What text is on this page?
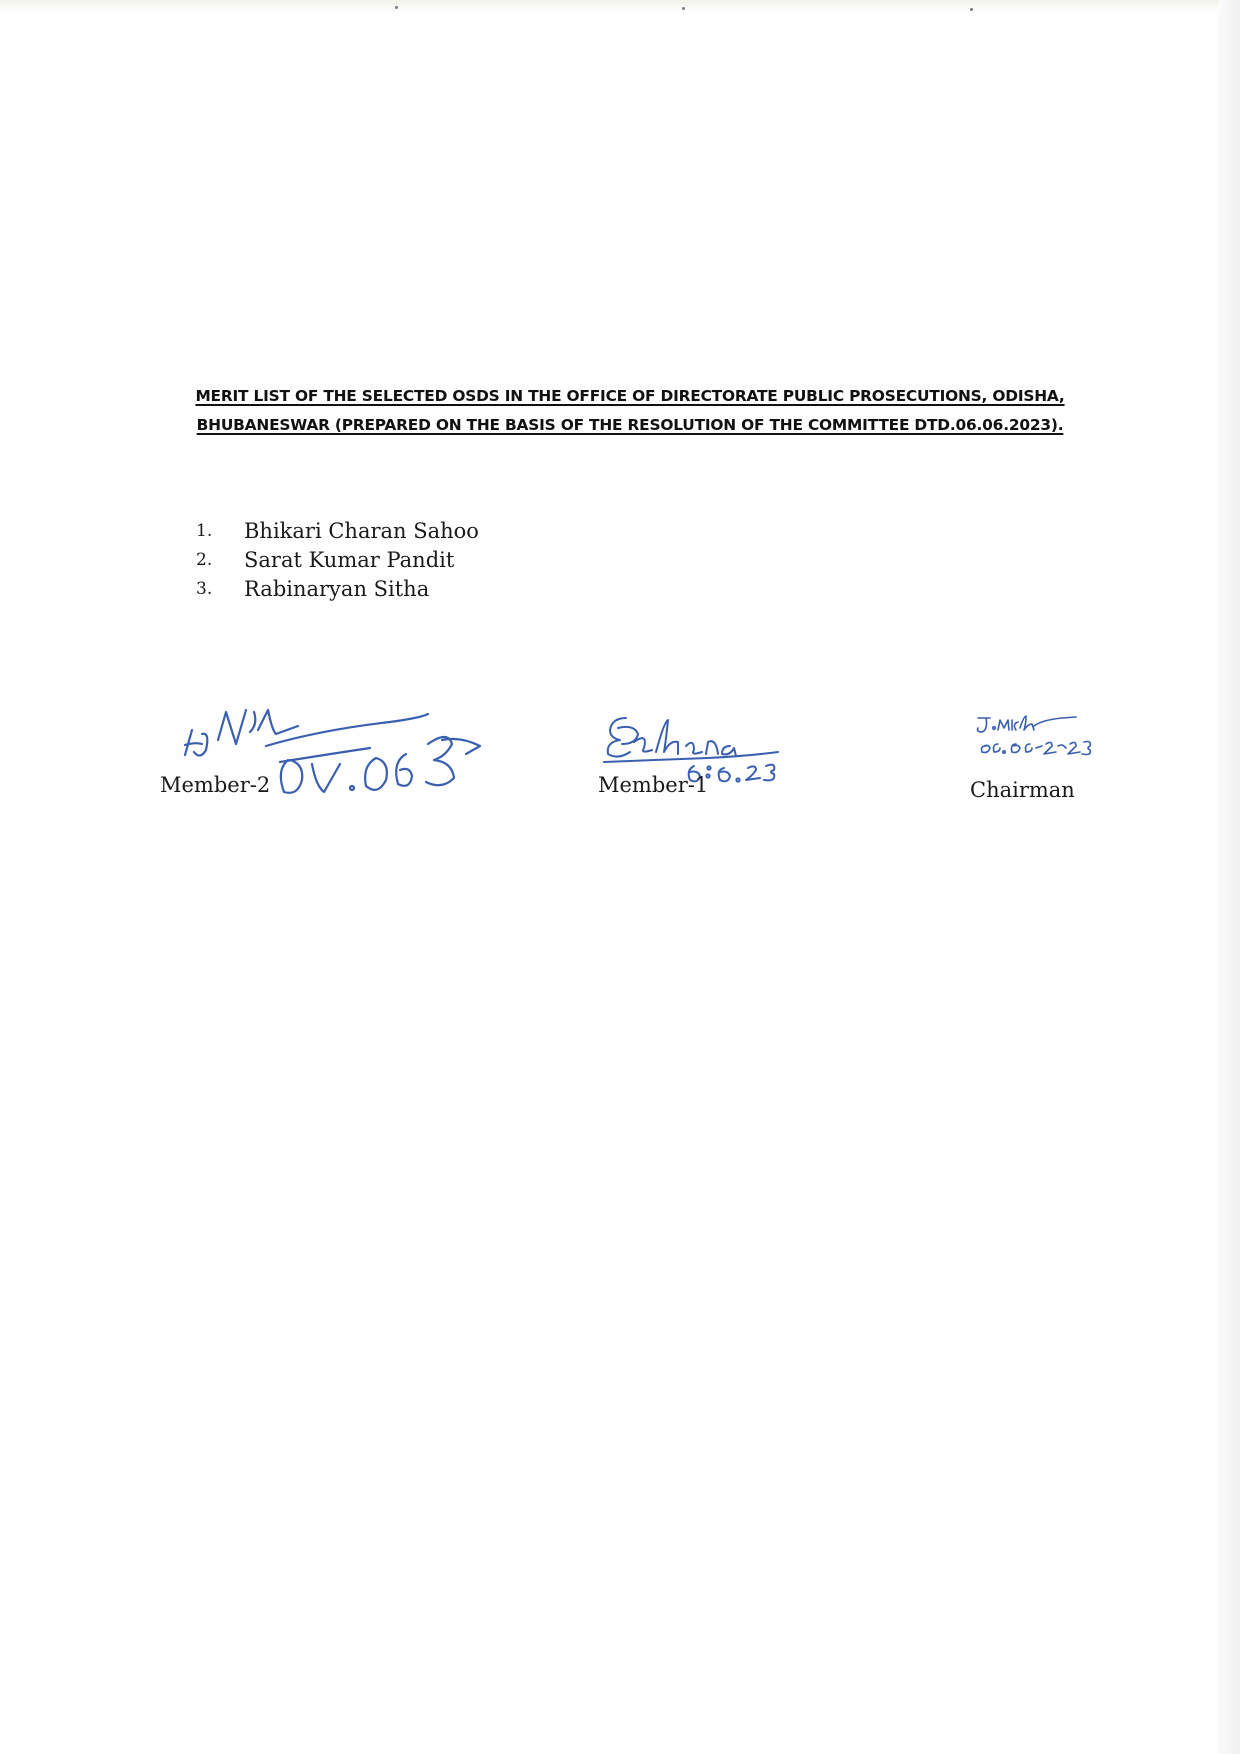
MERIT LIST OF THE SELECTED OSDS IN THE OFFICE OF DIRECTORATE PUBLIC PROSECUTIONS, ODISHA,
BHUBANESWAR (PREPARED ON THE BASIS OF THE RESOLUTION OF THE COMMITTEE DTD.06.06.2023).
1.	Bhikari Charan Sahoo
2.	Sarat Kumar Pandit
3.	Rabinaryan Sitha
Member-2	Member-1	Chairman
